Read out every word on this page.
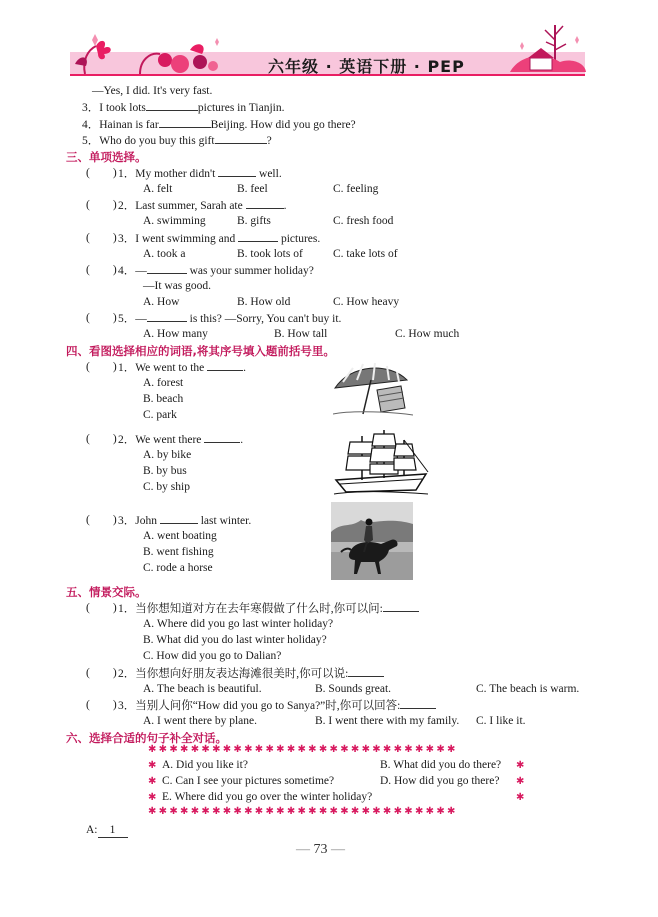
六年级 · 英语下册 · PEP
—Yes, I did. It's very fast.
3．I took lots	pictures in Tianjin.
4．Hainan is far	Beijing. How did you go there?
5．Who do you buy this gift	?
三、单项选择。
(　　) 1．My mother didn't	well.
A. felt	B. feel	C. feeling
(　　) 2．Last summer, Sarah ate	.
A. swimming	B. gifts	C. fresh food
(　　) 3．I went swimming and	pictures.
A. took a	B. took lots of	C. take lots of
(　　) 4．—	was your summer holiday?
—It was good.
A. How	B. How old	C. How heavy
(　　) 5．—	is this? —Sorry, You can't buy it.
A. How many	B. How tall	C. How much
四、看图选择相应的词语,将其序号填入题前括号里。
(　　) 1．We went to the	.
A. forest
B. beach
C. park
(　　) 2．We went there	.
A. by bike
B. by bus
C. by ship
(　　) 3．John	last winter.
A. went boating
B. went fishing
C. rode a horse
五、情景交际。
(　　) 1．当你想知道对方在去年寒假做了什么时,你可以问:
A. Where did you go last winter holiday?
B. What did you do last winter holiday?
C. How did you go to Dalian?
(　　) 2．当你想向好朋友表达海滩很美时,你可以说:
A. The beach is beautiful.	B. Sounds great.	C. The beach is warm.
(　　) 3．当别人问你“How did you go to Sanya?”时,你可以回答:
A. I went there by plane.	B. I went there with my family. C. I like it.
六、选择合适的句子补全对话。
✱✱✱✱✱✱✱✱✱✱✱✱✱✱✱✱✱✱✱✱✱✱✱✱✱✱✱✱✱
✱
✱
✱
✱
✱
✱
✱✱✱✱✱✱✱✱✱✱✱✱✱✱✱✱✱✱✱✱✱✱✱✱✱✱✱✱✱
A. Did you like it?	B. What did you do there?
C. Can I see your pictures sometime?	D. How did you go there?
E. Where did you go over the winter holiday?
A: 1
— 73 —
